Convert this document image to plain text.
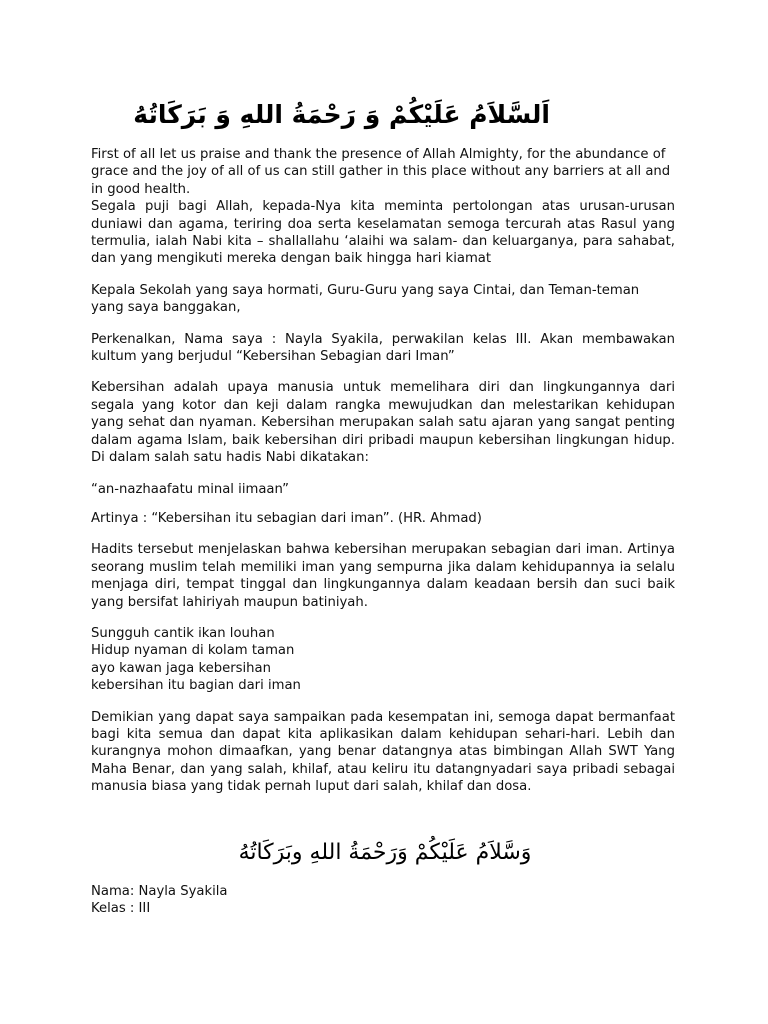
اَلسَّلاَمُ عَلَيْكُمْ وَ رَحْمَةُ اللهِ وَ بَرَكَاتُهُ

First of all let us praise and thank the presence of Allah Almighty, for the abundance of grace and the joy of all of us can still gather in this place without any barriers at all and in good health.

Segala puji bagi Allah, kepada-Nya kita meminta pertolongan atas urusan-urusan duniawi dan agama, teriring doa serta keselamatan semoga tercurah atas Rasul yang termulia, ialah Nabi kita – shallallahu ‘alaihi wa salam- dan keluarganya, para sahabat, dan yang mengikuti mereka dengan baik hingga hari kiamat

Kepala Sekolah yang saya hormati, Guru-Guru yang saya Cintai, dan Teman-teman yang saya banggakan,

Perkenalkan, Nama saya : Nayla Syakila, perwakilan kelas III. Akan membawakan kultum yang berjudul “Kebersihan Sebagian dari Iman”

Kebersihan adalah upaya manusia untuk memelihara diri dan lingkungannya dari segala yang kotor dan keji dalam rangka mewujudkan dan melestarikan kehidupan yang sehat dan nyaman. Kebersihan merupakan salah satu ajaran yang sangat penting dalam agama Islam, baik kebersihan diri pribadi maupun kebersihan lingkungan hidup. Di dalam salah satu hadis Nabi dikatakan:

“an-nazhaafatu minal iimaan”

Artinya : “Kebersihan itu sebagian dari iman”. (HR. Ahmad)

Hadits tersebut menjelaskan bahwa kebersihan merupakan sebagian dari iman. Artinya seorang muslim telah memiliki iman yang sempurna jika dalam kehidupannya ia selalu menjaga diri, tempat tinggal dan lingkungannya dalam keadaan bersih dan suci baik yang bersifat lahiriyah maupun batiniyah.

Sungguh cantik ikan louhan
Hidup nyaman di kolam taman
ayo kawan jaga kebersihan
kebersihan itu bagian dari iman

Demikian yang dapat saya sampaikan pada kesempatan ini, semoga dapat bermanfaat bagi kita semua dan dapat kita aplikasikan dalam kehidupan sehari-hari. Lebih dan kurangnya mohon dimaafkan, yang benar datangnya atas bimbingan Allah SWT Yang Maha Benar, dan yang salah, khilaf, atau keliru itu datangnyadari saya pribadi sebagai manusia biasa yang tidak pernah luput dari salah, khilaf dan dosa.

وَسَّلاَمُ عَلَيْكُمْ وَرَحْمَةُ اللهِ وبَرَكَاتُهُ
Nama: Nayla Syakila
Kelas : III
